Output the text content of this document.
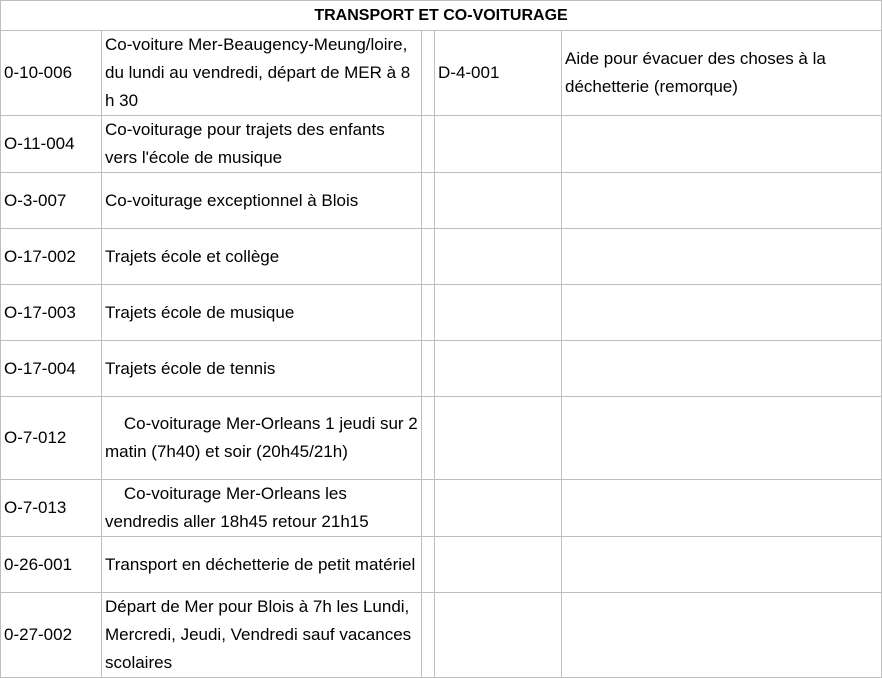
TRANSPORT ET CO-VOITURAGE				
0-10-006	Co-voiture Mer-Beaugency-Meung/loire, du lundi au vendredi, départ de MER à 8 h 30		D-4-001	Aide pour évacuer des choses à la déchetterie (remorque)
O-11-004	Co-voiturage pour trajets des enfants vers l'école de musique			
O-3-007	Co-voiturage exceptionnel à Blois			
O-17-002	Trajets école et collège			
O-17-003	Trajets école de musique			
O-17-004	Trajets école de tennis			
O-7-012	Co-voiturage Mer-Orleans 1 jeudi sur 2 matin (7h40) et soir (20h45/21h)			
O-7-013	Co-voiturage Mer-Orleans les vendredis aller 18h45 retour 21h15			
0-26-001	Transport en déchetterie de petit matériel			
0-27-002	Départ de Mer pour Blois à 7h les Lundi, Mercredi, Jeudi, Vendredi sauf vacances scolaires			
